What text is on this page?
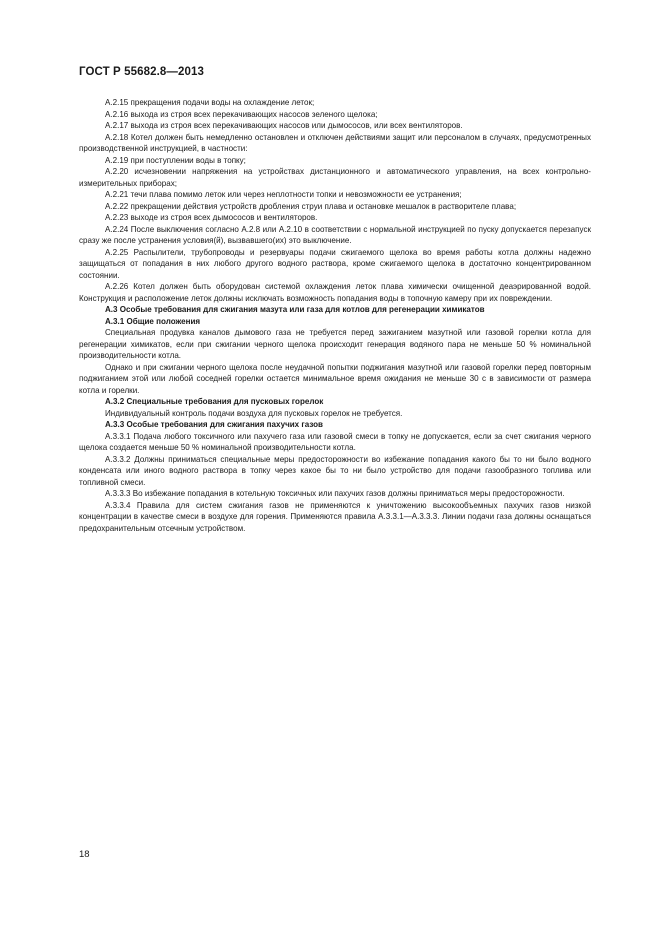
ГОСТ Р 55682.8—2013

А.2.15 прекращения подачи воды на охлаждение леток;

А.2.16 выхода из строя всех перекачивающих насосов зеленого щелока;

А.2.17 выхода из строя всех перекачивающих насосов или дымососов, или всех вентиляторов.

А.2.18 Котел должен быть немедленно остановлен и отключен действиями защит или персоналом в случаях, предусмотренных производственной инструкцией, в частности:

А.2.19 при поступлении воды в топку;

А.2.20 исчезновении напряжения на устройствах дистанционного и автоматического управления, на всех контрольно-измерительных приборах;

А.2.21 течи плава помимо леток или через неплотности топки и невозможности ее устранения;

А.2.22 прекращении действия устройств дробления струи плава и остановке мешалок в растворителе плава;

А.2.23 выходе из строя всех дымососов и вентиляторов.

А.2.24 После выключения согласно А.2.8 или А.2.10 в соответствии с нормальной инструкцией по пуску допускается перезапуск сразу же после устранения условия(й), вызвавшего(их) это выключение.

А.2.25 Распылители, трубопроводы и резервуары подачи сжигаемого щелока во время работы котла должны надежно защищаться от попадания в них любого другого водного раствора, кроме сжигаемого щелока в достаточно концентрированном состоянии.

А.2.26 Котел должен быть оборудован системой охлаждения леток плава химически очищенной деаэрированной водой. Конструкция и расположение леток должны исключать возможность попадания воды в топочную камеру при их повреждении.

А.3 Особые требования для сжигания мазута или газа для котлов для регенерации химикатов

А.3.1 Общие положения

Специальная продувка каналов дымового газа не требуется перед зажиганием мазутной или газовой горелки котла для регенерации химикатов, если при сжигании черного щелока происходит генерация водяного пара не меньше 50 % номинальной производительности котла.

Однако и при сжигании черного щелока после неудачной попытки поджигания мазутной или газовой горелки перед повторным поджиганием этой или любой соседней горелки остается минимальное время ожидания не меньше 30 с в зависимости от размера котла и горелки.

А.3.2 Специальные требования для пусковых горелок

Индивидуальный контроль подачи воздуха для пусковых горелок не требуется.

А.3.3 Особые требования для сжигания пахучих газов

А.3.3.1 Подача любого токсичного или пахучего газа или газовой смеси в топку не допускается, если за счет сжигания черного щелока создается меньше 50 % номинальной производительности котла.

А.3.3.2 Должны приниматься специальные меры предосторожности во избежание попадания какого бы то ни было водного конденсата или иного водного раствора в топку через какое бы то ни было устройство для подачи газообразного топлива или топливной смеси.

А.3.3.3 Во избежание попадания в котельную токсичных или пахучих газов должны приниматься меры предосторожности.

А.3.3.4 Правила для систем сжигания газов не применяются к уничтожению высокообъемных пахучих газов низкой концентрации в качестве смеси в воздухе для горения. Применяются правила А.3.3.1—А.3.3.3. Линии подачи газа должны оснащаться предохранительным отсечным устройством.

18
